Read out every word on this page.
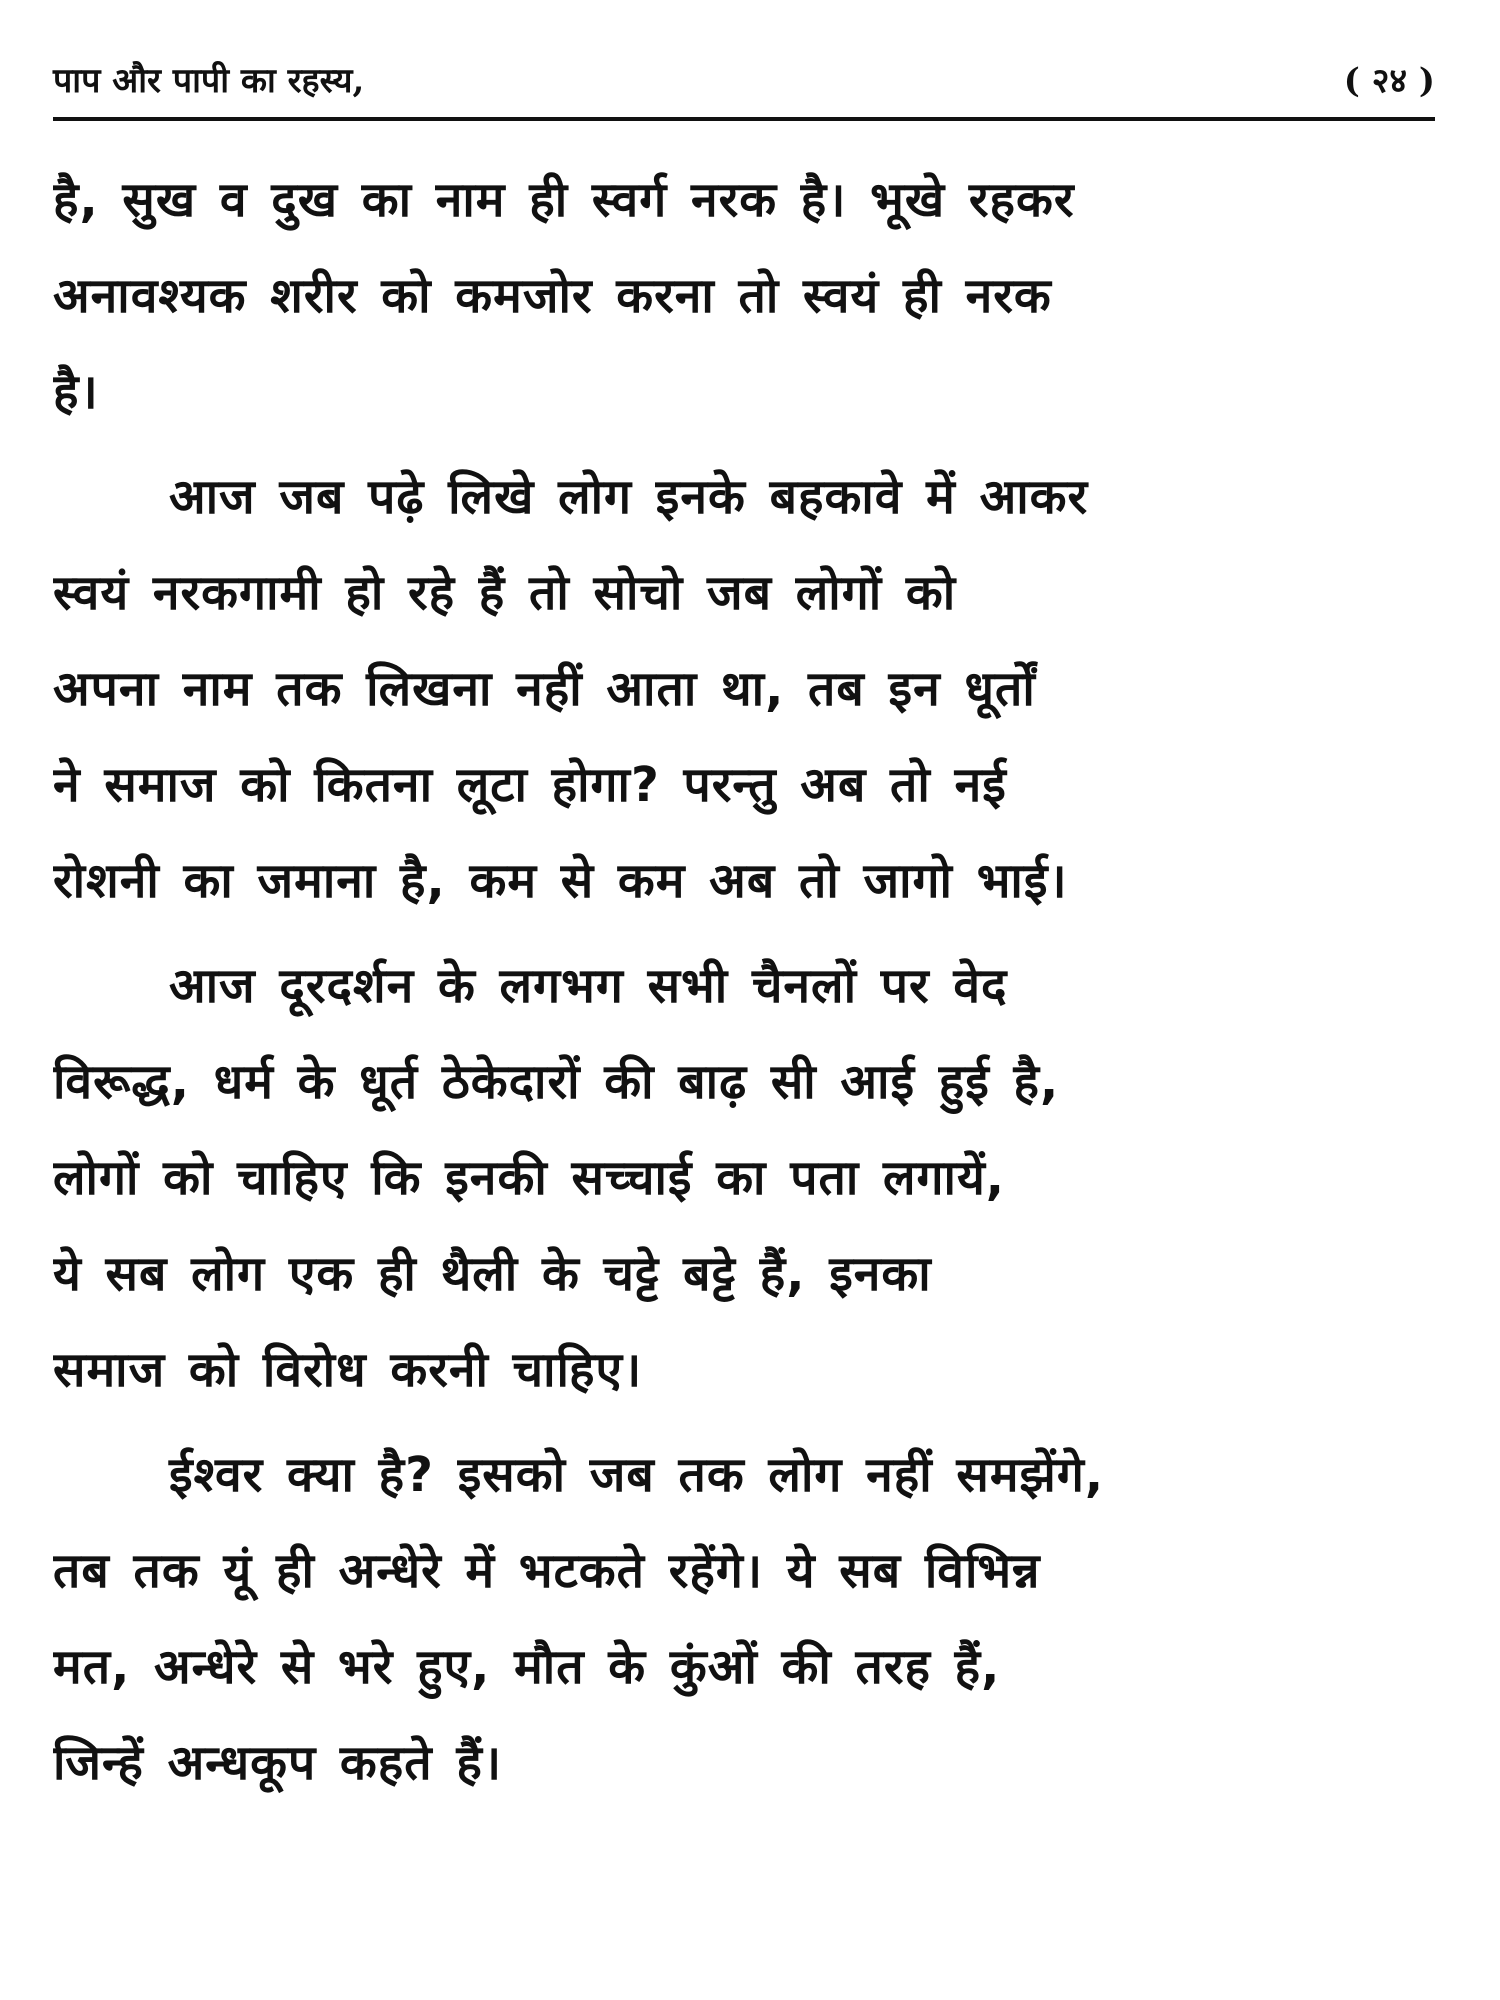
पाप और पापी का रहस्य,	( २४ )
है, सुख व दुख का नाम ही स्वर्ग नरक है। भूखे रहकर
अनावश्यक शरीर को कमजोर करना तो स्वयं ही नरक
है।
आज जब पढ़े लिखे लोग इनके बहकावे में आकर
स्वयं नरकगामी हो रहे हैं तो सोचो जब लोगों को
अपना नाम तक लिखना नहीं आता था, तब इन धूर्तों
ने समाज को कितना लूटा होगा? परन्तु अब तो नई
रोशनी का जमाना है, कम से कम अब तो जागो भाई।
आज दूरदर्शन के लगभग सभी चैनलों पर वेद
विरूद्ध, धर्म के धूर्त ठेकेदारों की बाढ़ सी आई हुई है,
लोगों को चाहिए कि इनकी सच्चाई का पता लगायें,
ये सब लोग एक ही थैली के चट्टे बट्टे हैं, इनका
समाज को विरोध करनी चाहिए।
ईश्वर क्या है? इसको जब तक लोग नहीं समझेंगे,
तब तक यूं ही अन्धेरे में भटकते रहेंगे। ये सब विभिन्न
मत, अन्धेरे से भरे हुए, मौत के कुंओं की तरह हैं,
जिन्हें अन्धकूप कहते हैं।
